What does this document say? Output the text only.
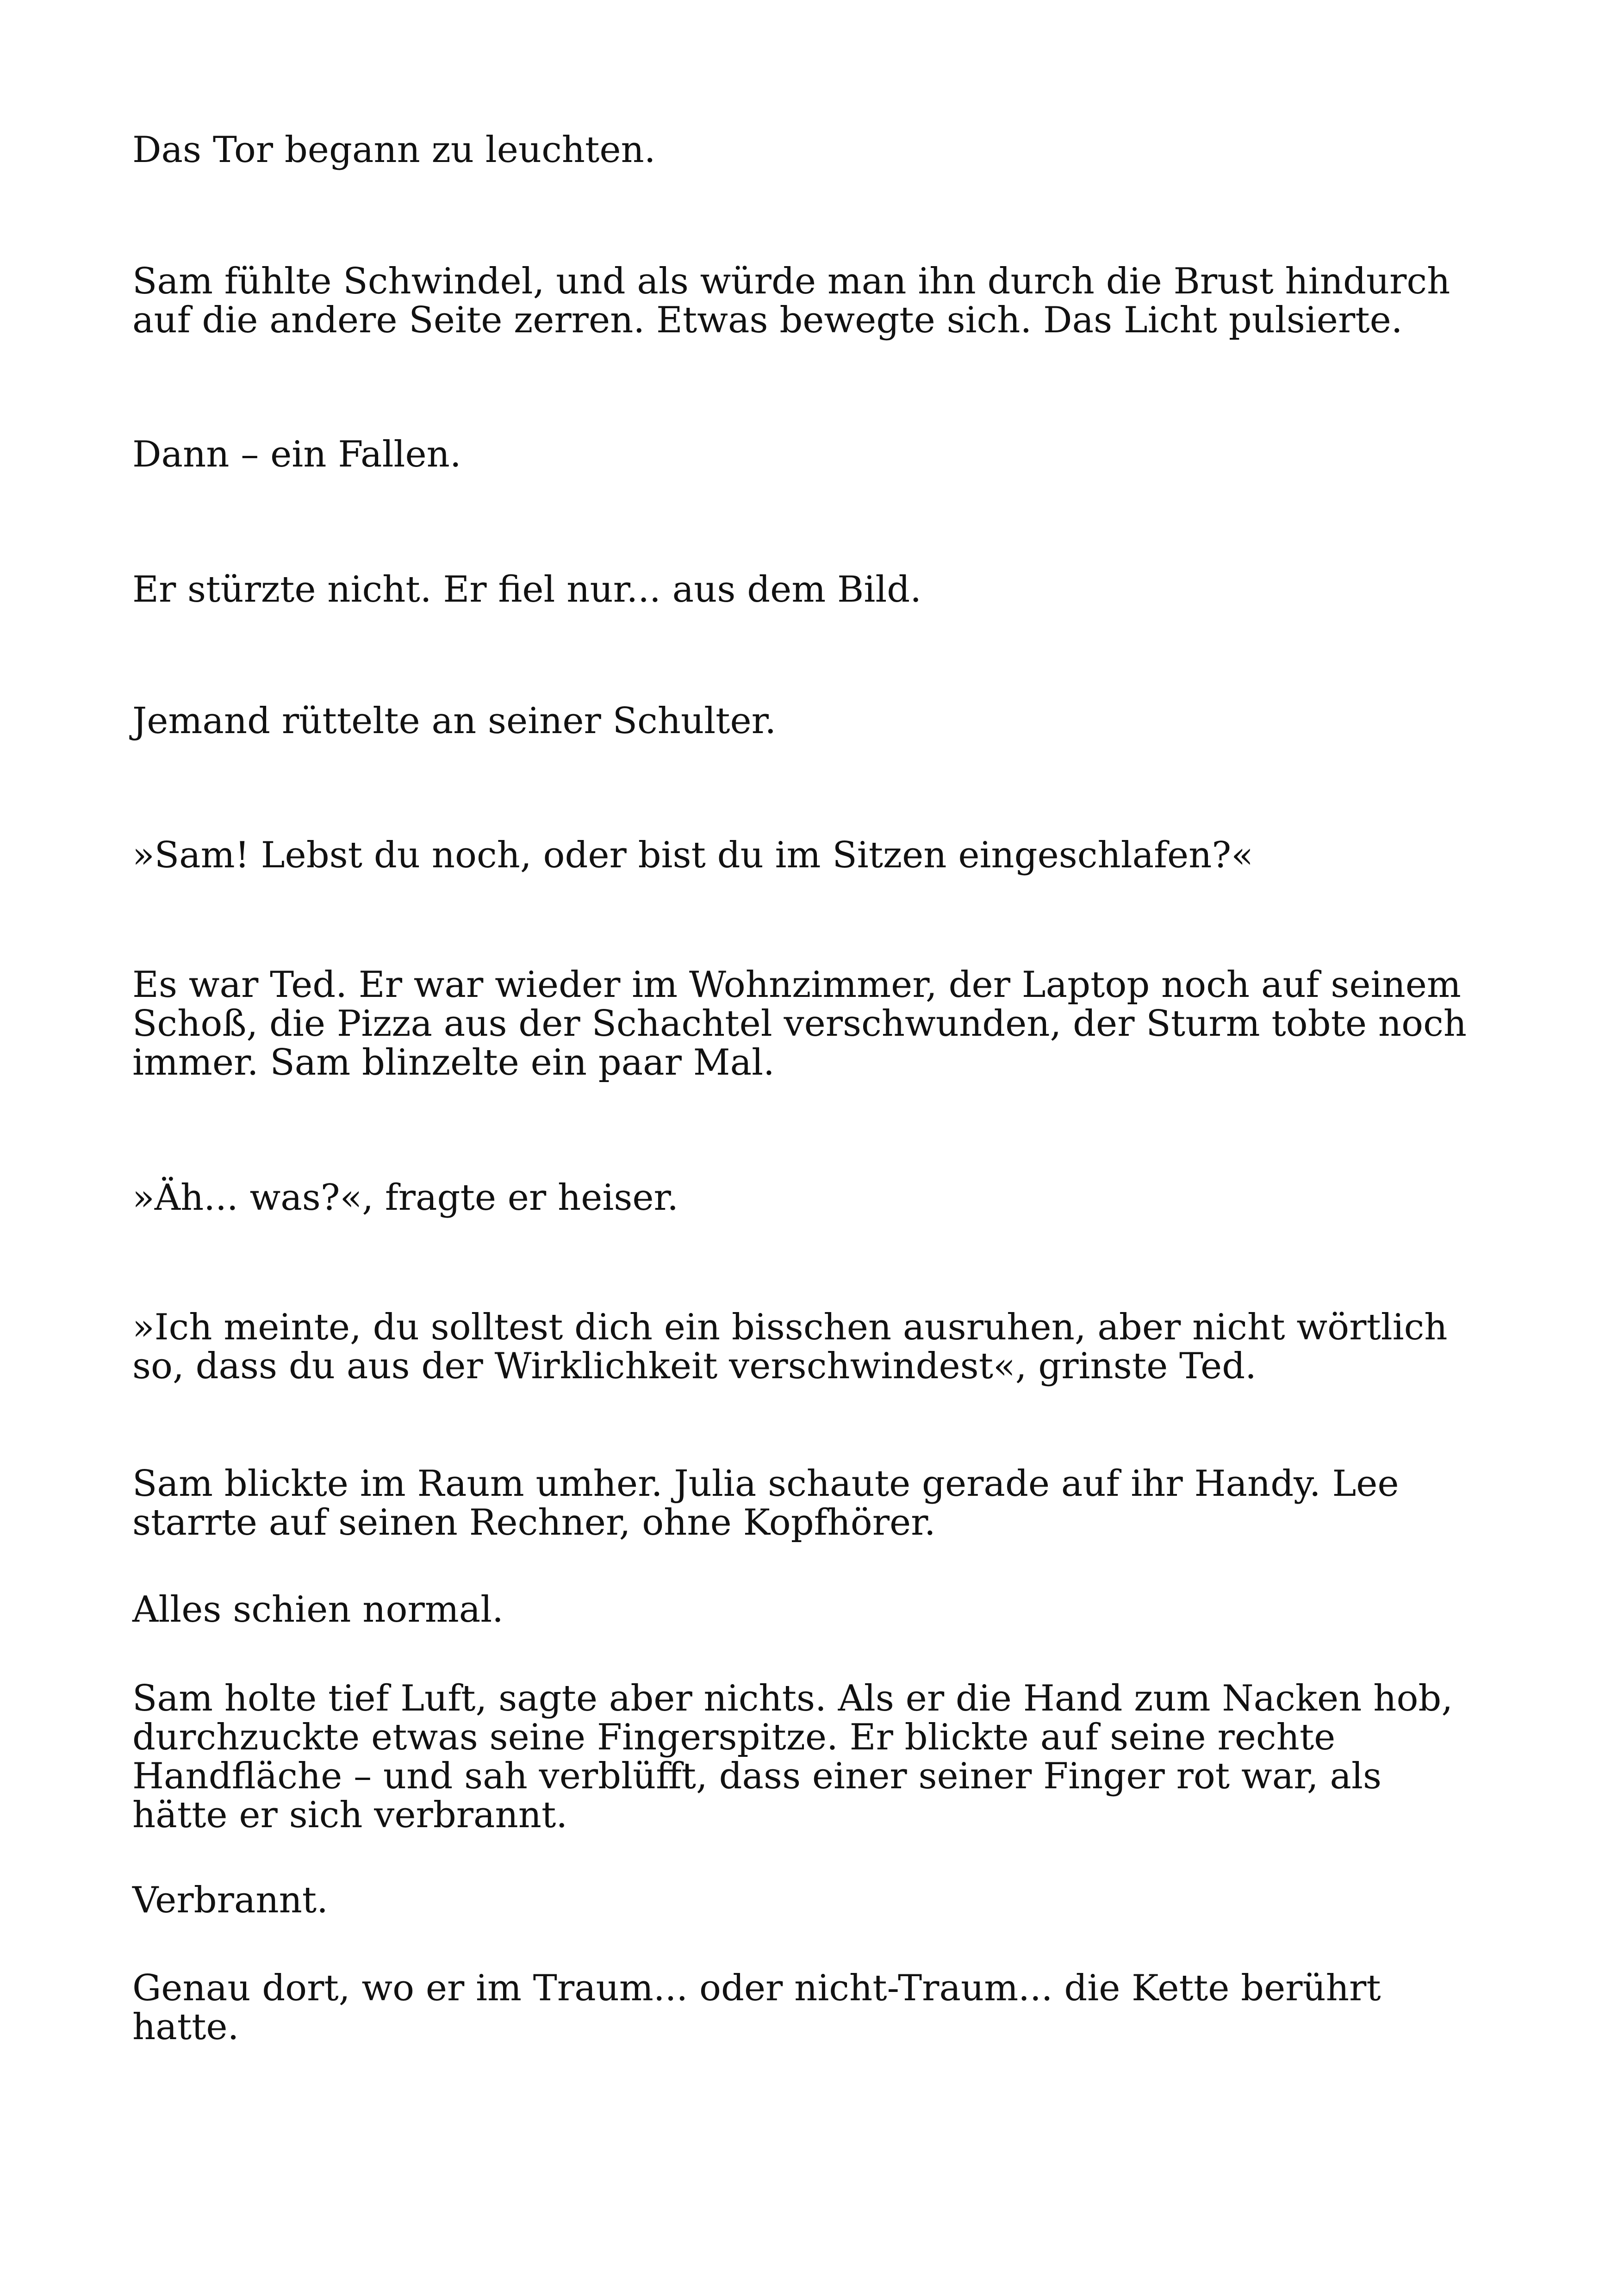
Das Tor begann zu leuchten.

Sam fühlte Schwindel, und als würde man ihn durch die Brust hindurch
auf die andere Seite zerren. Etwas bewegte sich. Das Licht pulsierte.

Dann – ein Fallen.

Er stürzte nicht. Er fiel nur... aus dem Bild.

Jemand rüttelte an seiner Schulter.

»Sam! Lebst du noch, oder bist du im Sitzen eingeschlafen?«

Es war Ted. Er war wieder im Wohnzimmer, der Laptop noch auf seinem
Schoß, die Pizza aus der Schachtel verschwunden, der Sturm tobte noch
immer. Sam blinzelte ein paar Mal.

»Äh... was?«, fragte er heiser.

»Ich meinte, du solltest dich ein bisschen ausruhen, aber nicht wörtlich
so, dass du aus der Wirklichkeit verschwindest«, grinste Ted.

Sam blickte im Raum umher. Julia schaute gerade auf ihr Handy. Lee
starrte auf seinen Rechner, ohne Kopfhörer.

Alles schien normal.

Sam holte tief Luft, sagte aber nichts. Als er die Hand zum Nacken hob,
durchzuckte etwas seine Fingerspitze. Er blickte auf seine rechte
Handfläche – und sah verblüfft, dass einer seiner Finger rot war, als
hätte er sich verbrannt.

Verbrannt.

Genau dort, wo er im Traum... oder nicht-Traum... die Kette berührt
hatte.
